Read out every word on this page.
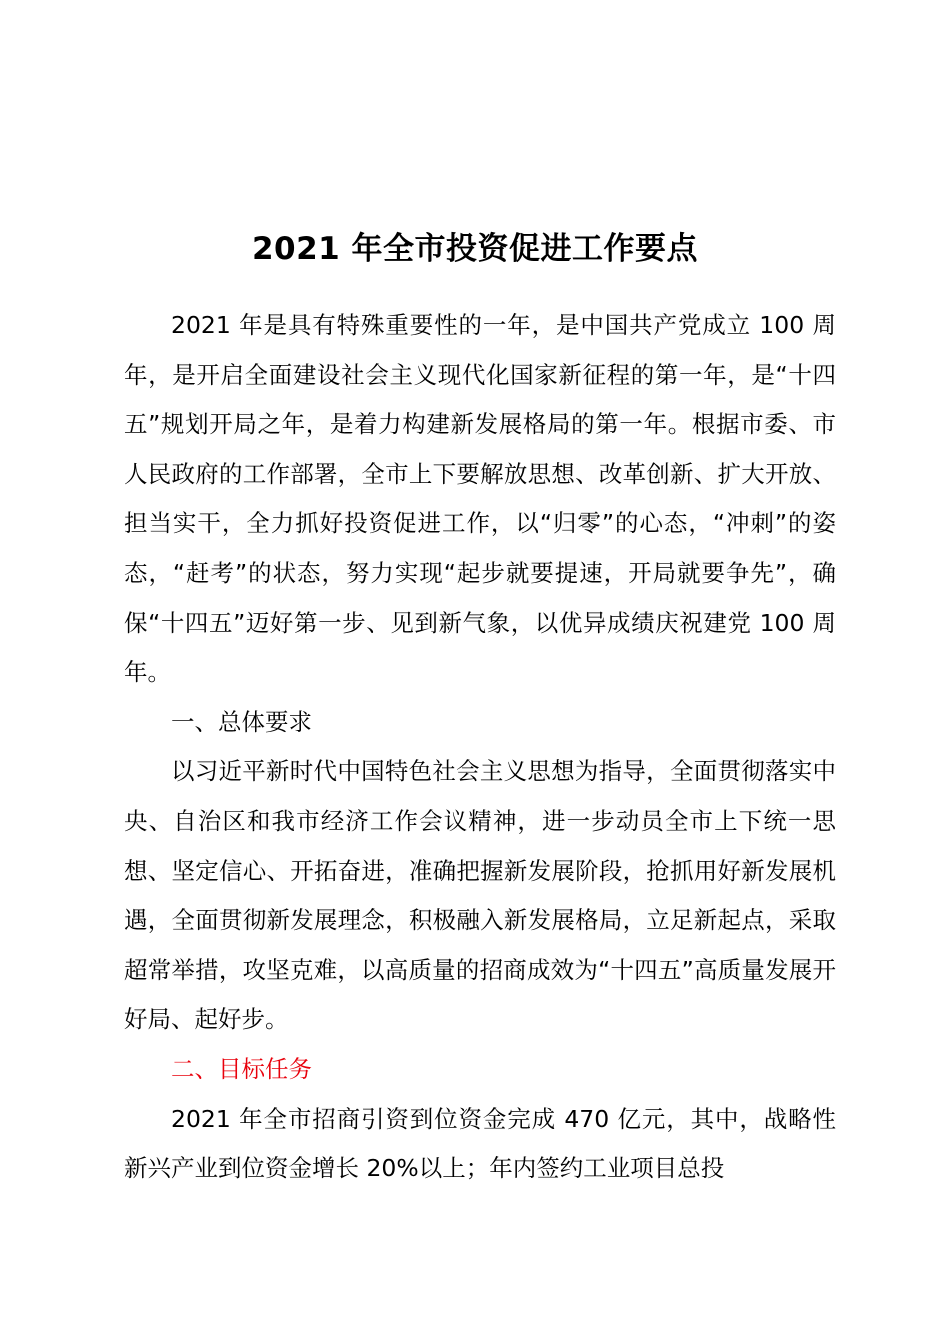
2021 年全市投资促进工作要点

2021 年是具有特殊重要性的一年，是中国共产党成立 100 周年，是开启全面建设社会主义现代化国家新征程的第一年，是“十四五”规划开局之年，是着力构建新发展格局的第一年。根据市委、市人民政府的工作部署，全市上下要解放思想、改革创新、扩大开放、担当实干，全力抓好投资促进工作，以“归零”的心态，“冲刺”的姿态，“赶考”的状态，努力实现“起步就要提速，开局就要争先”，确保“十四五”迈好第一步、见到新气象，以优异成绩庆祝建党 100 周年。

一、总体要求

以习近平新时代中国特色社会主义思想为指导，全面贯彻落实中央、自治区和我市经济工作会议精神，进一步动员全市上下统一思想、坚定信心、开拓奋进，准确把握新发展阶段，抢抓用好新发展机遇，全面贯彻新发展理念，积极融入新发展格局，立足新起点，采取超常举措，攻坚克难，以高质量的招商成效为“十四五”高质量发展开好局、起好步。

二、目标任务

2021 年全市招商引资到位资金完成 470 亿元，其中，战略性新兴产业到位资金增长 20%以上；年内签约工业项目总投
